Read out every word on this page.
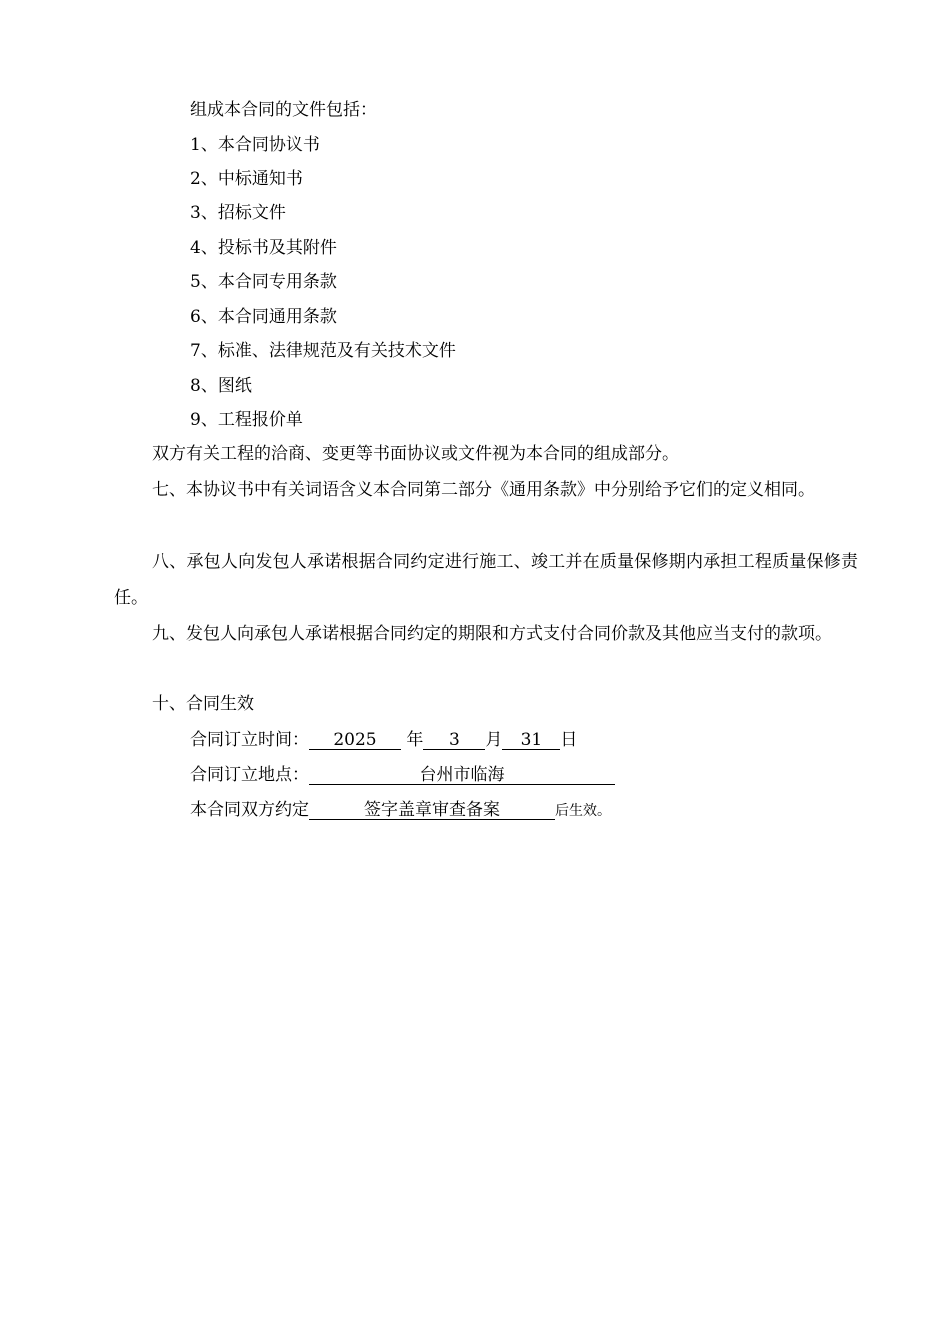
组成本合同的文件包括：
1、本合同协议书
2、中标通知书
3、招标文件
4、投标书及其附件
5、本合同专用条款
6、本合同通用条款
7、标准、法律规范及有关技术文件
8、图纸
9、工程报价单
双方有关工程的洽商、变更等书面协议或文件视为本合同的组成部分。
七、本协议书中有关词语含义本合同第二部分《通用条款》中分别给予它们的定义相同。
八、承包人向发包人承诺根据合同约定进行施工、竣工并在质量保修期内承担工程质量保修责任。
九、发包人向承包人承诺根据合同约定的期限和方式支付合同价款及其他应当支付的款项。
十、合同生效
合同订立时间： 2025 年 3 月 31 日
合同订立地点：	台州市临海
本合同双方约定	签字盖章审查备案	后生效。
